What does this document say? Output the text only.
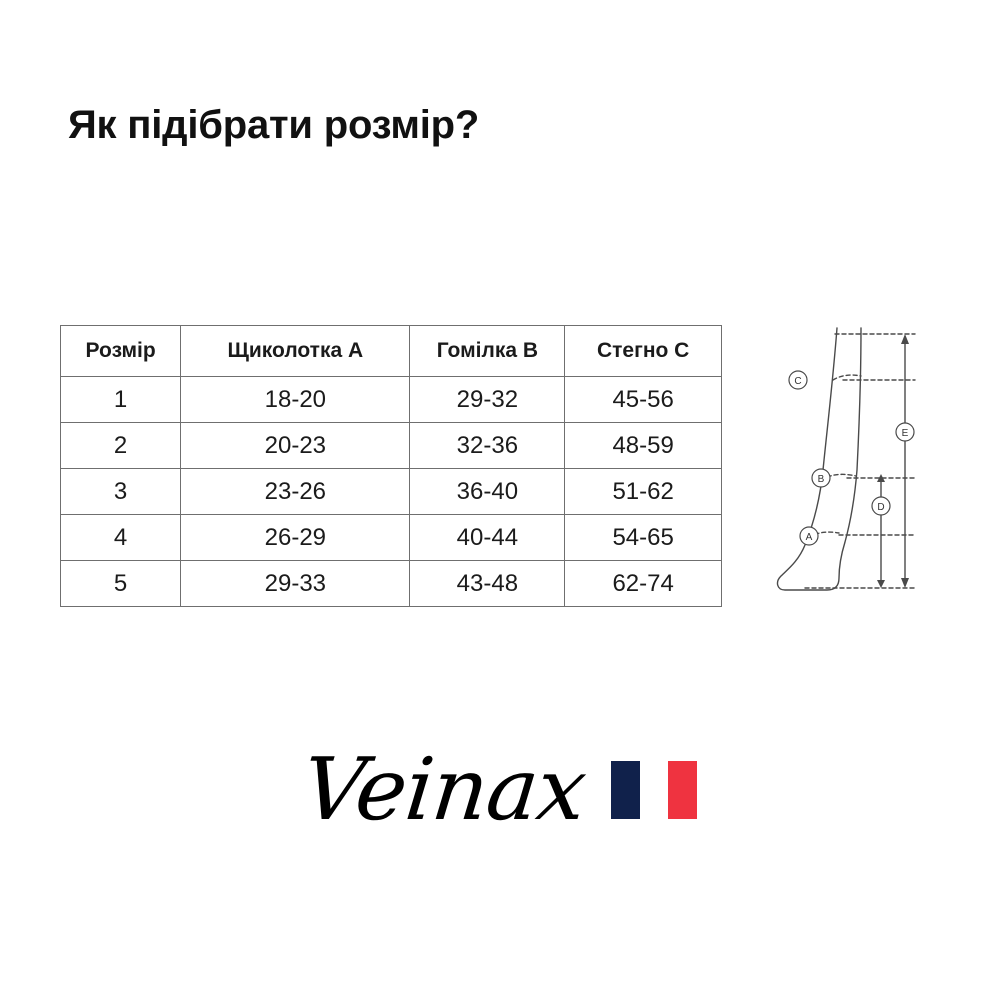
Як підібрати розмір?
Розмір	Щиколотка A	Гомілка B	Стегно C
1	18-20	29-32	45-56
2	20-23	32-36	48-59
3	23-26	36-40	51-62
4	26-29	40-44	54-65
5	29-33	43-48	62-74
A
B
C
D
E
Veinax
